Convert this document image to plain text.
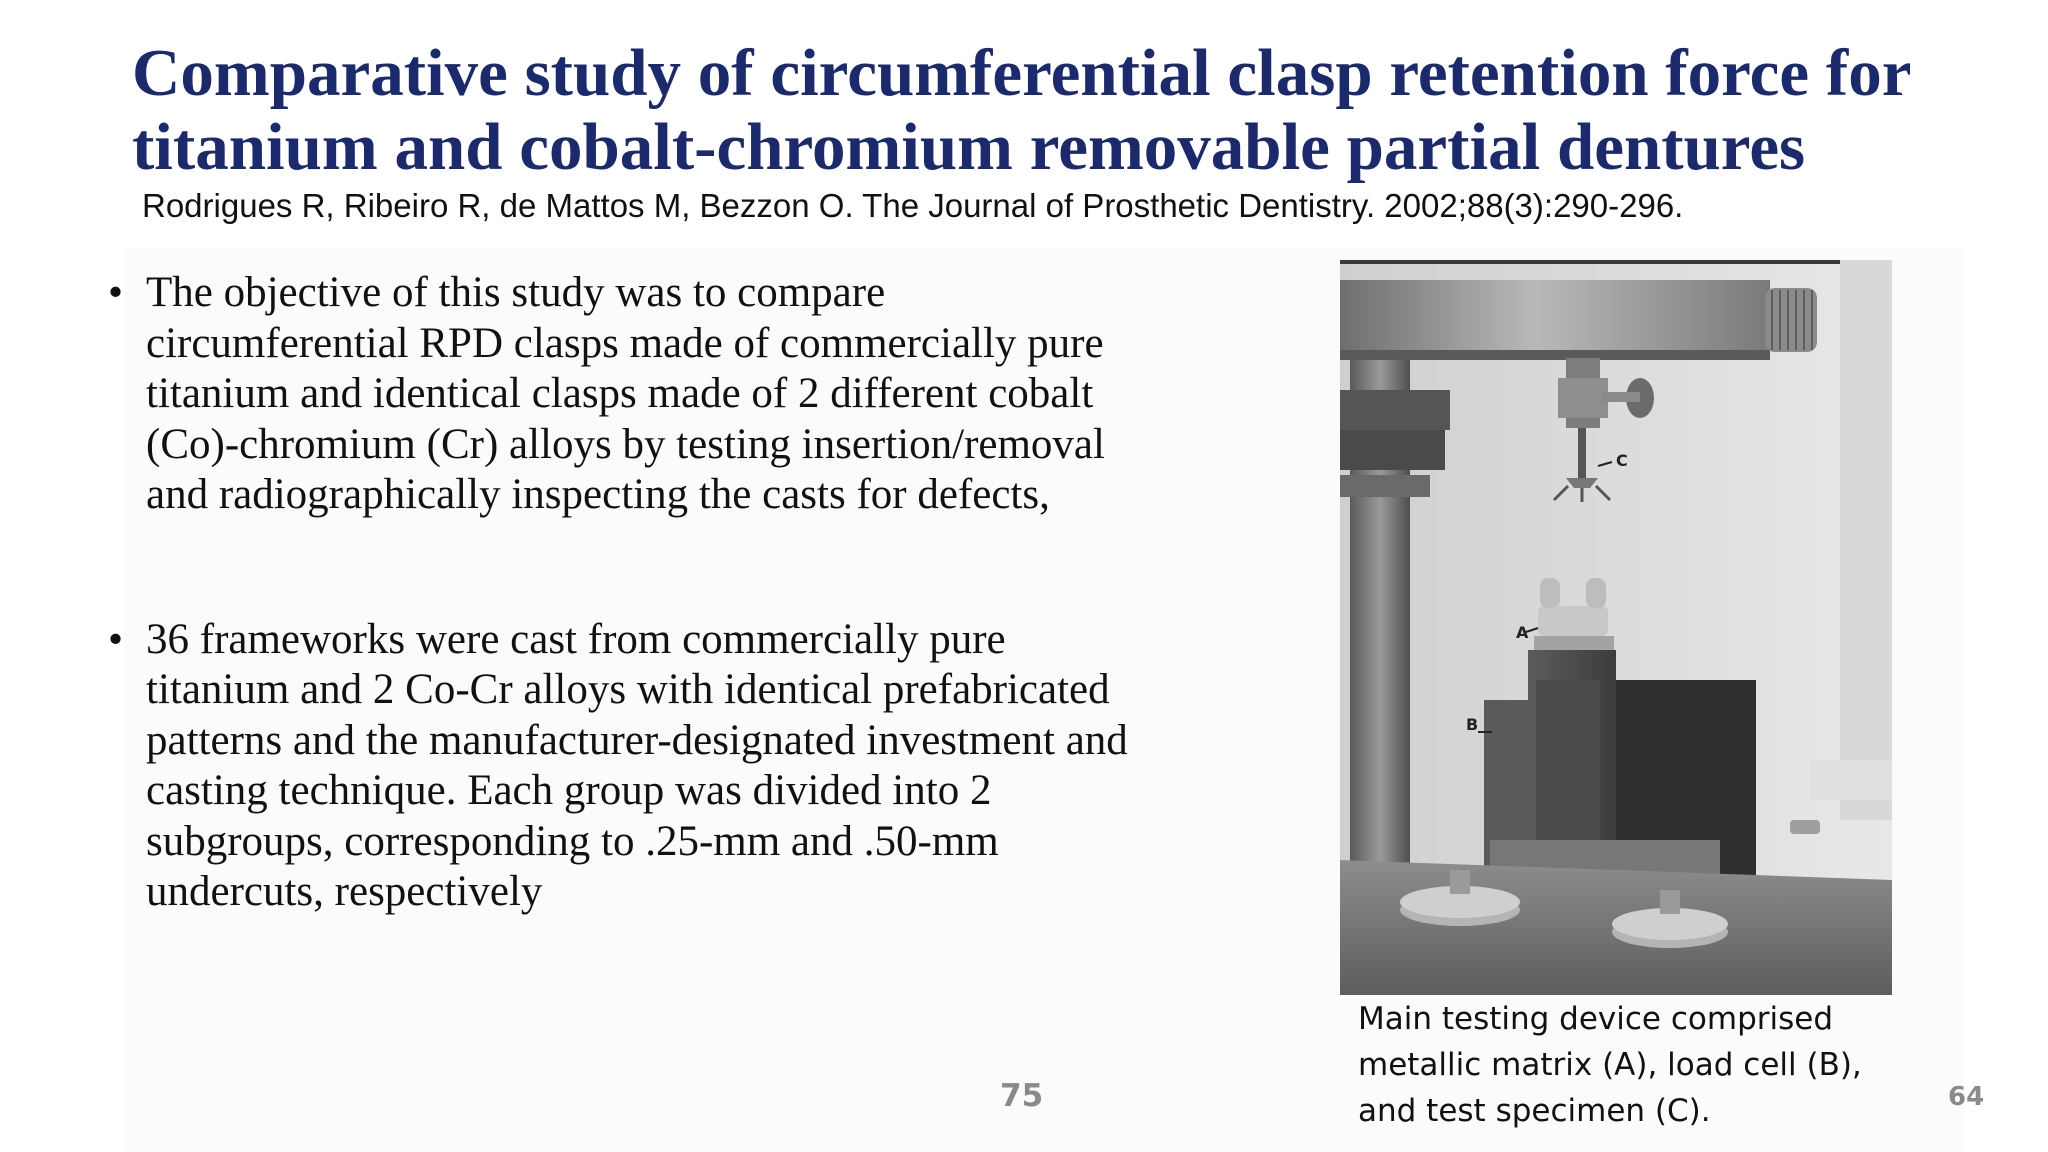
Comparative study of circumferential clasp retention force for
titanium and cobalt-chromium removable partial dentures
Rodrigues R, Ribeiro R, de Mattos M, Bezzon O. The Journal of Prosthetic Dentistry. 2002;88(3):290-296.
• The objective of this study was to compare
circumferential RPD clasps made of commercially pure
titanium and identical clasps made of 2 different cobalt
(Co)-chromium (Cr) alloys by testing insertion/removal
and radiographically inspecting the casts for defects,
• 36 frameworks were cast from commercially pure
titanium and 2 Co-Cr alloys with identical prefabricated
patterns and the manufacturer-designated investment and
casting technique. Each group was divided into 2
subgroups, corresponding to .25-mm and .50-mm
undercuts, respectively
C
A
B
Main testing device comprised
metallic matrix (A), load cell (B),
and test specimen (C).
75	64
